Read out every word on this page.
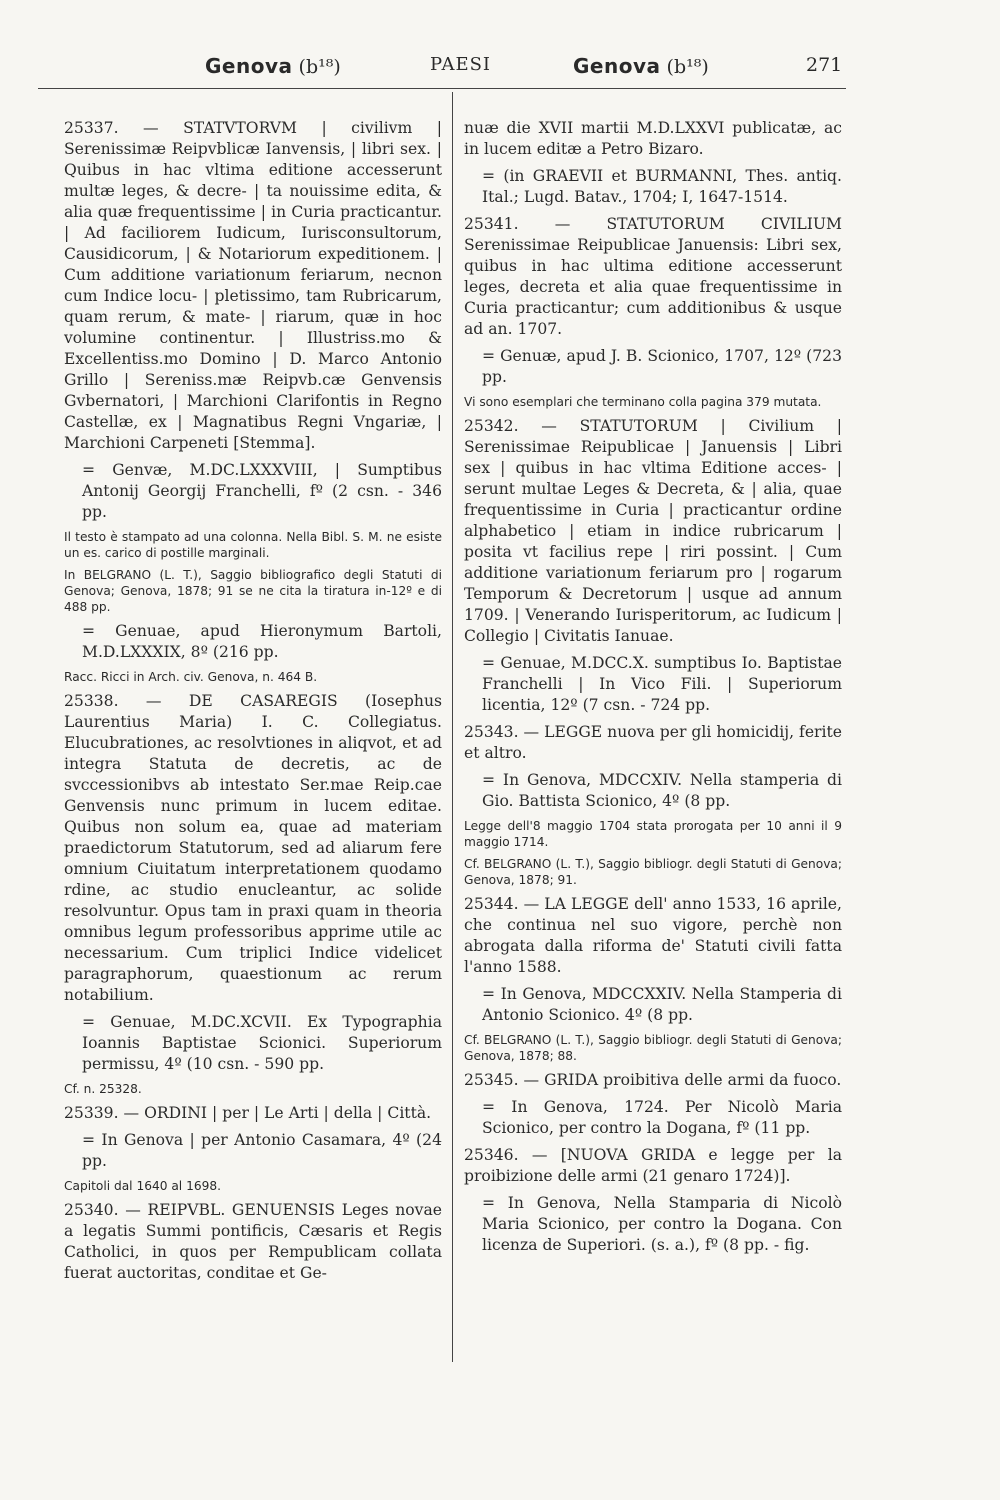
Genova (b¹⁸)	PAESI	Genova (b¹⁸)	271

25337. — STATVTORVM | civilivm | Serenissimæ Reipvblicæ Ianvensis, | libri sex. | Quibus in hac vltima editione accesserunt multæ leges, & decre- | ta nouissime edita, & alia quæ frequentissime | in Curia practicantur. | Ad faciliorem Iudicum, Iurisconsultorum, Causidicorum, | & Notariorum expeditionem. | Cum additione variationum feriarum, necnon cum Indice locu- | pletissimo, tam Rubricarum, quam rerum, & mate- | riarum, quæ in hoc volumine continentur. | Illustriss.mo & Excellentiss.mo Domino | D. Marco Antonio Grillo | Sereniss.mæ Reipvb.cæ Genvensis Gvbernatori, | Marchioni Clarifontis in Regno Castellæ, ex | Magnatibus Regni Vngariæ, | Marchioni Carpeneti [Stemma].

= Genvæ, M.DC.LXXXVIII, | Sumptibus Antonij Georgij Franchelli, fº (2 csn. - 346 pp.

Il testo è stampato ad una colonna. Nella Bibl. S. M. ne esiste un es. carico di postille marginali.

In BELGRANO (L. T.), Saggio bibliografico degli Statuti di Genova; Genova, 1878; 91 se ne cita la tiratura in-12º e di 488 pp.

= Genuae, apud Hieronymum Bartoli, M.D.LXXXIX, 8º (216 pp.

Racc. Ricci in Arch. civ. Genova, n. 464 B.

25338. — DE CASAREGIS (Iosephus Laurentius Maria) I. C. Collegiatus. Elucubrationes, ac resolvtiones in aliqvot, et ad integra Statuta de decretis, ac de svccessionibvs ab intestato Ser.mae Reip.cae Genvensis nunc primum in lucem editae. Quibus non solum ea, quae ad materiam praedictorum Statutorum, sed ad aliarum fere omnium Ciuitatum interpretationem quodamo rdine, ac studio enucleantur, ac solide resolvuntur. Opus tam in praxi quam in theoria omnibus legum professoribus apprime utile ac necessarium. Cum triplici Indice videlicet paragraphorum, quaestionum ac rerum notabilium.

= Genuae, M.DC.XCVII. Ex Typographia Ioannis Baptistae Scionici. Superiorum permissu, 4º (10 csn. - 590 pp.

Cf. n. 25328.

25339. — ORDINI | per | Le Arti | della | Città.

= In Genova | per Antonio Casamara, 4º (24 pp.

Capitoli dal 1640 al 1698.

25340. — REIPVBL. GENUENSIS Leges novae a legatis Summi pontificis, Cæsaris et Regis Catholici, in quos per Rempublicam collata fuerat auctoritas, conditae et Ge-

nuæ die XVII martii M.D.LXXVI publicatæ, ac in lucem editæ a Petro Bizaro.

= (in GRAEVII et BURMANNI, Thes. antiq. Ital.; Lugd. Batav., 1704; I, 1647-1514.

25341. — STATUTORUM CIVILIUM Serenissimae Reipublicae Januensis: Libri sex, quibus in hac ultima editione accesserunt leges, decreta et alia quae frequentissime in Curia practicantur; cum additionibus & usque ad an. 1707.

= Genuæ, apud J. B. Scionico, 1707, 12º (723 pp.

Vi sono esemplari che terminano colla pagina 379 mutata.

25342. — STATUTORUM | Civilium | Serenissimae Reipublicae | Januensis | Libri sex | quibus in hac vltima Editione acces- | serunt multae Leges & Decreta, & | alia, quae frequentissime in Curia | practicantur ordine alphabetico | etiam in indice rubricarum | posita vt facilius repe | riri possint. | Cum additione variationum feriarum pro | rogarum Temporum & Decretorum | usque ad annum 1709. | Venerando Iurisperitorum, ac Iudicum | Collegio | Civitatis Ianuae.

= Genuae, M.DCC.X. sumptibus Io. Baptistae Franchelli | In Vico Fili. | Superiorum licentia, 12º (7 csn. - 724 pp.

25343. — LEGGE nuova per gli homicidij, ferite et altro.

= In Genova, MDCCXIV. Nella stamperia di Gio. Battista Scionico, 4º (8 pp.

Legge dell'8 maggio 1704 stata prorogata per 10 anni il 9 maggio 1714.

Cf. BELGRANO (L. T.), Saggio bibliogr. degli Statuti di Genova; Genova, 1878; 91.

25344. — LA LEGGE dell' anno 1533, 16 aprile, che continua nel suo vigore, perchè non abrogata dalla riforma de' Statuti civili fatta l'anno 1588.

= In Genova, MDCCXXIV. Nella Stamperia di Antonio Scionico. 4º (8 pp.

Cf. BELGRANO (L. T.), Saggio bibliogr. degli Statuti di Genova; Genova, 1878; 88.

25345. — GRIDA proibitiva delle armi da fuoco.

= In Genova, 1724. Per Nicolò Maria Scionico, per contro la Dogana, fº (11 pp.

25346. — [NUOVA GRIDA e legge per la proibizione delle armi (21 genaro 1724)].

= In Genova, Nella Stamparia di Nicolò Maria Scionico, per contro la Dogana. Con licenza de Superiori. (s. a.), fº (8 pp. - fig.
